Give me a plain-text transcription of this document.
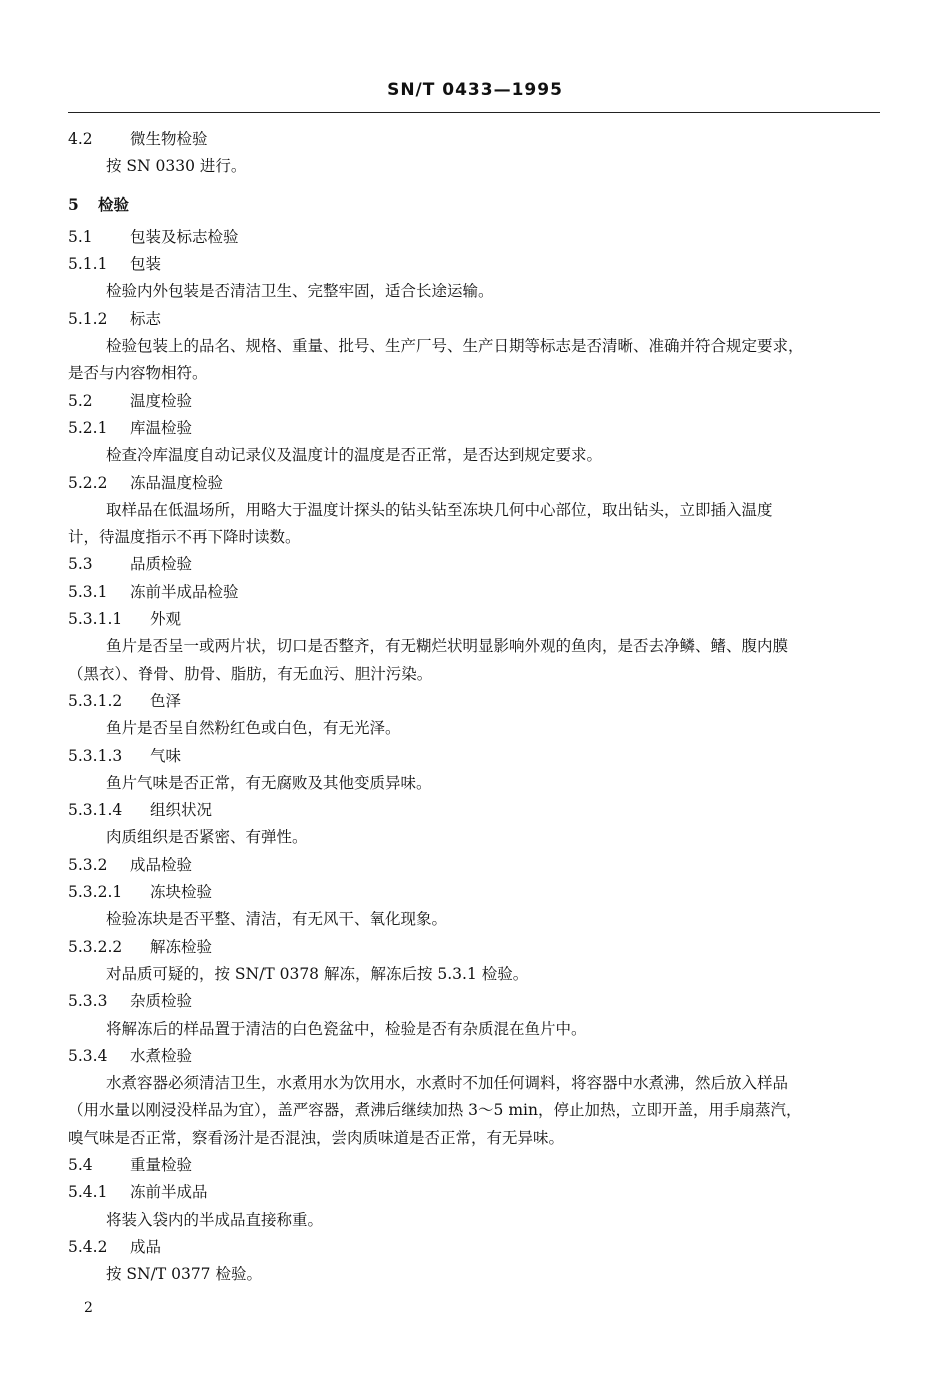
SN/T 0433—1995
4.2 微生物检验
按 SN 0330 进行。
5 检验
5.1 包装及标志检验
5.1.1 包装
检验内外包装是否清洁卫生、完整牢固，适合长途运输。
5.1.2 标志
检验包装上的品名、规格、重量、批号、生产厂号、生产日期等标志是否清晰、准确并符合规定要求，
是否与内容物相符。
5.2 温度检验
5.2.1 库温检验
检查冷库温度自动记录仪及温度计的温度是否正常，是否达到规定要求。
5.2.2 冻品温度检验
取样品在低温场所，用略大于温度计探头的钻头钻至冻块几何中心部位，取出钻头，立即插入温度
计，待温度指示不再下降时读数。
5.3 品质检验
5.3.1 冻前半成品检验
5.3.1.1 外观
鱼片是否呈一或两片状，切口是否整齐，有无糊烂状明显影响外观的鱼肉，是否去净鳞、鳍、腹内膜
（黑衣）、脊骨、肋骨、脂肪，有无血污、胆汁污染。
5.3.1.2 色泽
鱼片是否呈自然粉红色或白色，有无光泽。
5.3.1.3 气味
鱼片气味是否正常，有无腐败及其他变质异味。
5.3.1.4 组织状况
肉质组织是否紧密、有弹性。
5.3.2 成品检验
5.3.2.1 冻块检验
检验冻块是否平整、清洁，有无风干、氧化现象。
5.3.2.2 解冻检验
对品质可疑的，按 SN/T 0378 解冻，解冻后按 5.3.1 检验。
5.3.3 杂质检验
将解冻后的样品置于清洁的白色瓷盆中，检验是否有杂质混在鱼片中。
5.3.4 水煮检验
水煮容器必须清洁卫生，水煮用水为饮用水，水煮时不加任何调料，将容器中水煮沸，然后放入样品
（用水量以刚浸没样品为宜），盖严容器，煮沸后继续加热 3～5 min，停止加热，立即开盖，用手扇蒸汽，
嗅气味是否正常，察看汤汁是否混浊，尝肉质味道是否正常，有无异味。
5.4 重量检验
5.4.1 冻前半成品
将装入袋内的半成品直接称重。
5.4.2 成品
按 SN/T 0377 检验。
2
